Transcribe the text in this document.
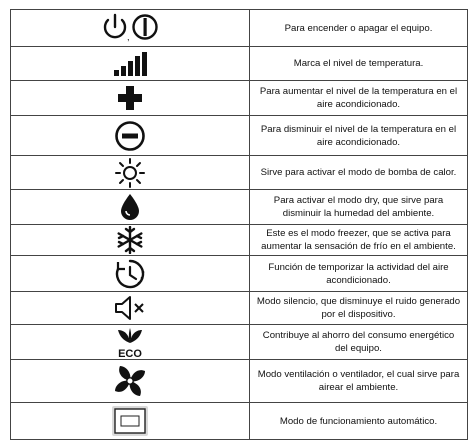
,	Para encender o apagar el equipo.

	Marca el nivel de temperatura.

	Para aumentar el nivel de la temperatura en el aire acondicionado.

	Para disminuir el nivel de la temperatura en el aire acondicionado.

	Sirve para activar el modo de bomba de calor.

	Para activar el modo dry, que sirve para disminuir la humedad del ambiente.

	Este es el modo freezer, que se activa para aumentar la sensación de frío en el ambiente.

	Función de temporizar la actividad del aire acondicionado.

	Modo silencio, que disminuye el ruido generado por el dispositivo.

ECO	Contribuye al ahorro del consumo energético del equipo.

	Modo ventilación o ventilador, el cual sirve para airear el ambiente.

	Modo de funcionamiento automático.
